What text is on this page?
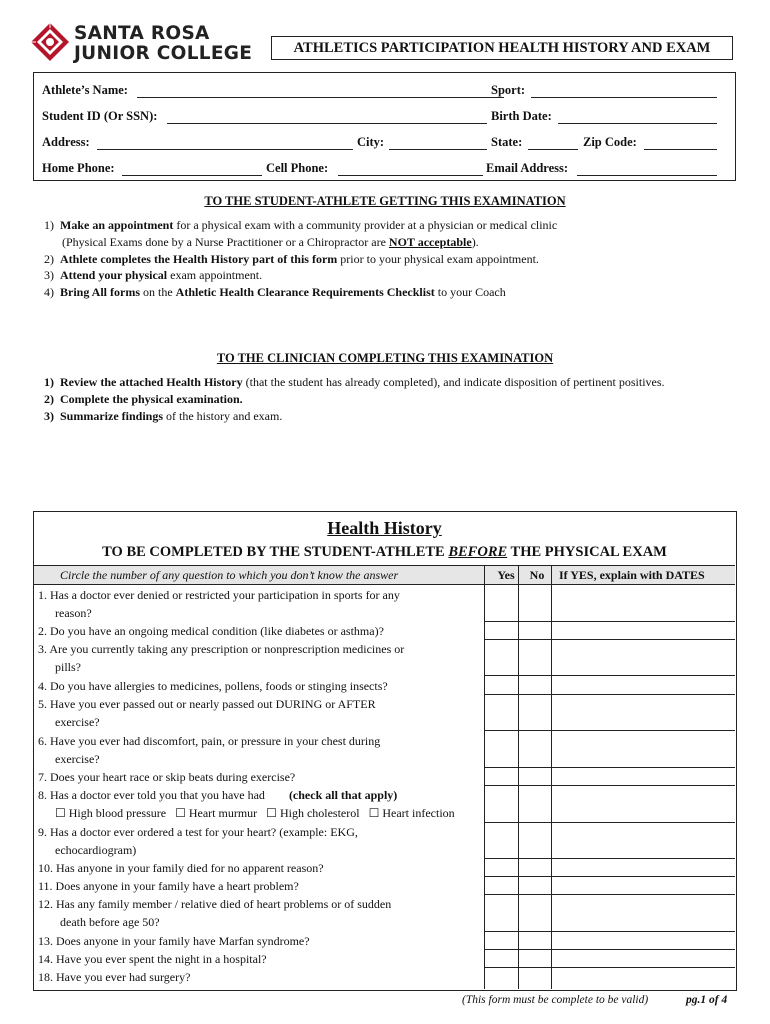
SANTA ROSA
JUNIOR COLLEGE	ATHLETICS PARTICIPATION HEALTH HISTORY AND EXAM
Athlete’s Name:	Sport:
Student ID (Or SSN):	Birth Date:
Address:	City:	State:	Zip Code:
Home Phone:	Cell Phone:	Email Address:
TO THE STUDENT-ATHLETE GETTING THIS EXAMINATION
1) Make an appointment for a physical exam with a community provider at a physician or medical clinic
(Physical Exams done by a Nurse Practitioner or a Chiropractor are NOT acceptable).
2) Athlete completes the Health History part of this form prior to your physical exam appointment.
3) Attend your physical exam appointment.
4) Bring All forms on the Athletic Health Clearance Requirements Checklist to your Coach
TO THE CLINICIAN COMPLETING THIS EXAMINATION
1) Review the attached Health History (that the student has already completed), and indicate disposition of pertinent positives.
2) Complete the physical examination.
3) Summarize findings of the history and exam.
Health History
TO BE COMPLETED BY THE STUDENT-ATHLETE BEFORE THE PHYSICAL EXAM
Circle the number of any question to which you don’t know the answer	Yes	No	If YES, explain with DATES
1. Has a doctor ever denied or restricted your participation in sports for any
reason?
2. Do you have an ongoing medical condition (like diabetes or asthma)?
3. Are you currently taking any prescription or nonprescription medicines or
pills?
4. Do you have allergies to medicines, pollens, foods or stinging insects?
5. Have you ever passed out or nearly passed out DURING or AFTER
exercise?
6. Have you ever had discomfort, pain, or pressure in your chest during
exercise?
7. Does your heart race or skip beats during exercise?
8. Has a doctor ever told you that you have had (check all that apply)
☐ High blood pressure ☐ Heart murmur ☐ High cholesterol ☐ Heart infection
9. Has a doctor ever ordered a test for your heart? (example: EKG,
echocardiogram)
10. Has anyone in your family died for no apparent reason?
11. Does anyone in your family have a heart problem?
12. Has any family member / relative died of heart problems or of sudden
death before age 50?
13. Does anyone in your family have Marfan syndrome?
14. Have you ever spent the night in a hospital?
18. Have you ever had surgery?
(This form must be complete to be valid)	pg.1 of 4
